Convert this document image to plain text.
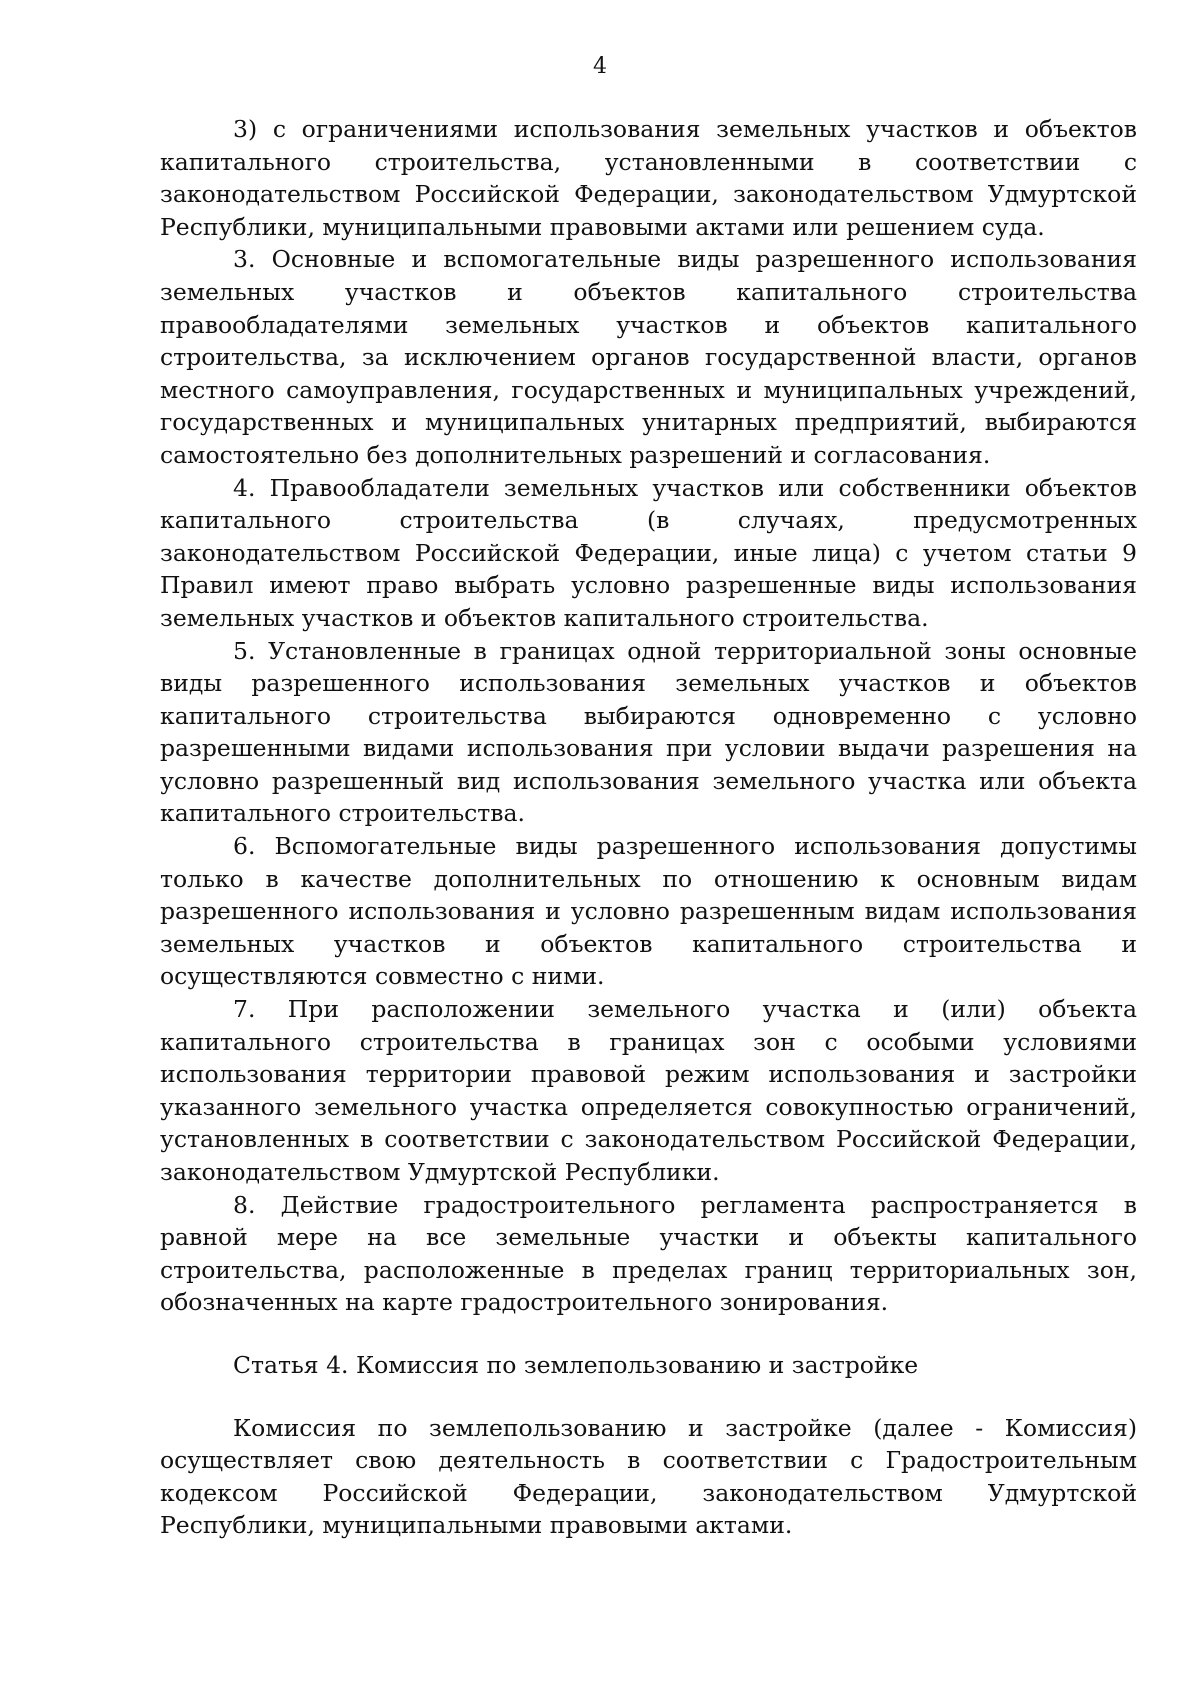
4

3) с ограничениями использования земельных участков и объектов капитального строительства, установленными в соответствии с законодательством Российской Федерации, законодательством Удмуртской Республики, муниципальными правовыми актами или решением суда.

3. Основные и вспомогательные виды разрешенного использования земельных участков и объектов капитального строительства правообладателями земельных участков и объектов капитального строительства, за исключением органов государственной власти, органов местного самоуправления, государственных и муниципальных учреждений, государственных и муниципальных унитарных предприятий, выбираются самостоятельно без дополнительных разрешений и согласования.

4. Правообладатели земельных участков или собственники объектов капитального строительства (в случаях, предусмотренных законодательством Российской Федерации, иные лица) с учетом статьи 9 Правил имеют право выбрать условно разрешенные виды использования земельных участков и объектов капитального строительства.

5. Установленные в границах одной территориальной зоны основные виды разрешенного использования земельных участков и объектов капитального строительства выбираются одновременно с условно разрешенными видами использования при условии выдачи разрешения на условно разрешенный вид использования земельного участка или объекта капитального строительства.

6. Вспомогательные виды разрешенного использования допустимы только в качестве дополнительных по отношению к основным видам разрешенного использования и условно разрешенным видам использования земельных участков и объектов капитального строительства и осуществляются совместно с ними.

7. При расположении земельного участка и (или) объекта капитального строительства в границах зон с особыми условиями использования территории правовой режим использования и застройки указанного земельного участка определяется совокупностью ограничений, установленных в соответствии с законодательством Российской Федерации, законодательством Удмуртской Республики.

8. Действие градостроительного регламента распространяется в равной мере на все земельные участки и объекты капитального строительства, расположенные в пределах границ территориальных зон, обозначенных на карте градостроительного зонирования.

Статья 4. Комиссия по землепользованию и застройке

Комиссия по землепользованию и застройке (далее - Комиссия) осуществляет свою деятельность в соответствии с Градостроительным кодексом Российской Федерации, законодательством Удмуртской Республики, муниципальными правовыми актами.
